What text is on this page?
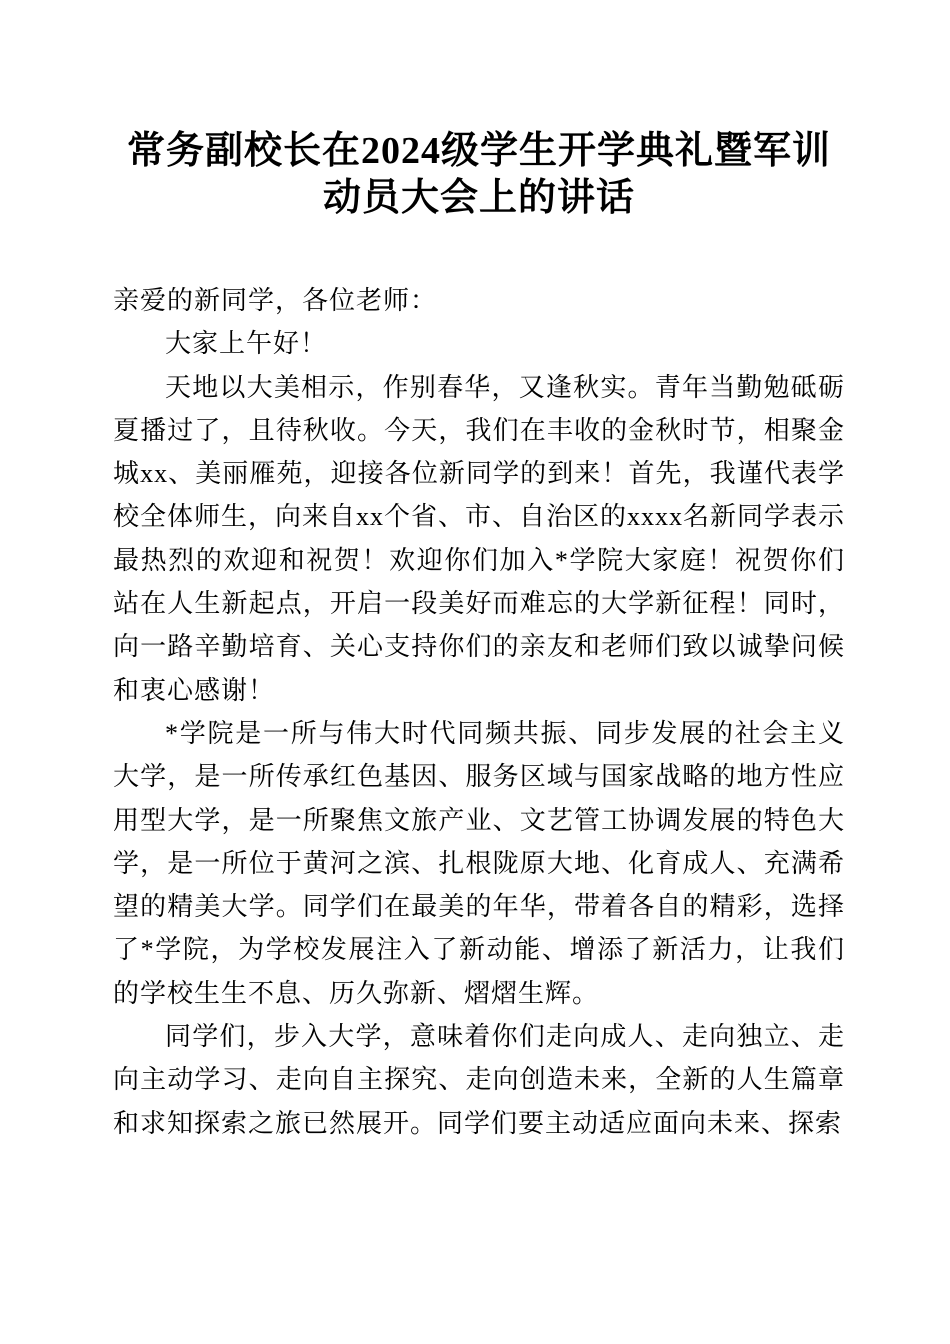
常务副校长在2024级学生开学典礼暨军训动员大会上的讲话

亲爱的新同学，各位老师：

大家上午好！

天地以大美相示，作别春华，又逢秋实。青年当勤勉砥砺夏播过了，且待秋收。今天，我们在丰收的金秋时节，相聚金城xx、美丽雁苑，迎接各位新同学的到来！首先，我谨代表学校全体师生，向来自xx个省、市、自治区的xxxx名新同学表示最热烈的欢迎和祝贺！欢迎你们加入*学院大家庭！祝贺你们站在人生新起点，开启一段美好而难忘的大学新征程！同时，向一路辛勤培育、关心支持你们的亲友和老师们致以诚挚问候和衷心感谢！

*学院是一所与伟大时代同频共振、同步发展的社会主义大学，是一所传承红色基因、服务区域与国家战略的地方性应用型大学，是一所聚焦文旅产业、文艺管工协调发展的特色大学，是一所位于黄河之滨、扎根陇原大地、化育成人、充满希望的精美大学。同学们在最美的年华，带着各自的精彩，选择了*学院，为学校发展注入了新动能、增添了新活力，让我们的学校生生不息、历久弥新、熠熠生辉。

同学们，步入大学，意味着你们走向成人、走向独立、走向主动学习、走向自主探究、走向创造未来，全新的人生篇章和求知探索之旅已然展开。同学们要主动适应面向未来、探索
